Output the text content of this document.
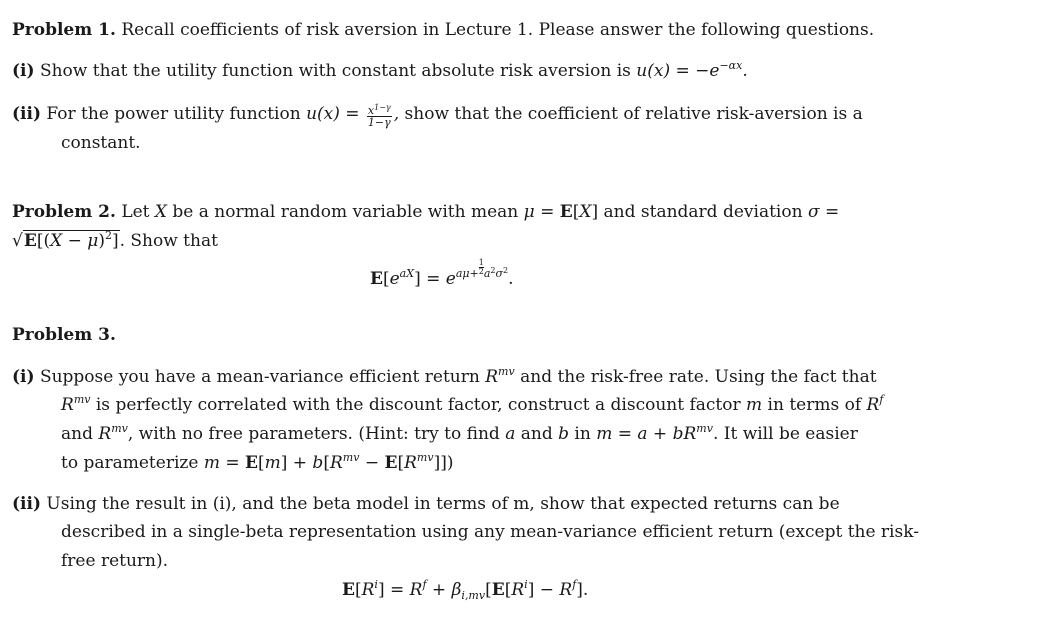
Problem 1. Recall coefficients of risk aversion in Lecture 1. Please answer the following questions.
(i) Show that the utility function with constant absolute risk aversion is $u(x) = -e^{-\alpha x}$.
(ii) For the power utility function $u(x) = \frac{x^{1-\gamma}}{1-\gamma}$ , show that the coefficient of relative risk-aversion is a
constant.
Problem 2. Let X be a normal random variable with mean μ = E[X] and standard deviation σ =
$√E[(X - \mu)^2]$. Show that
$E[e^{aX}] = e^{a\mu+ \frac{1}{2}a^2\sigma^2}$.
Problem 3.
(i) Suppose you have a mean-variance efficient return $R^{mv}$ and the risk-free rate. Using the fact that
$R^{mv}$ is perfectly correlated with the discount factor, construct a discount factor m in terms of $R^f$
and $R^{mv}$, with no free parameters. (Hint: try to find a and b in $m = a + bR^{mv}$. It will be easier
to parameterize $m = E[m] + b[R^{mv} - E[R^{mv}]]$)
(ii) Using the result in (i), and the beta model in terms of m, show that expected returns can be
described in a single-beta representation using any mean-variance efficient return (except the risk-
free return).
$E[R^i] = R^f + \beta_{i,mv}[E[R^i] - R^f]$.
